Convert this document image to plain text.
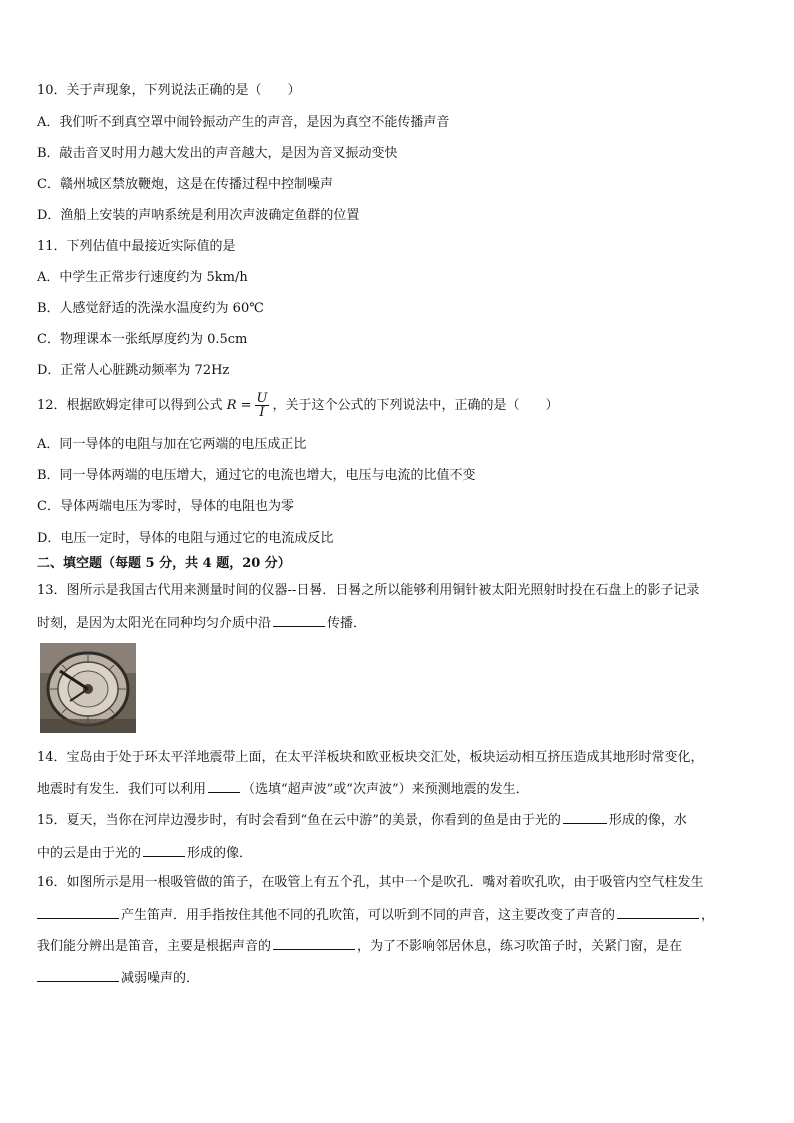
10．关于声现象，下列说法正确的是（　　）
A．我们听不到真空罩中闹铃振动产生的声音，是因为真空不能传播声音
B．敲击音叉时用力越大发出的声音越大，是因为音叉振动变快
C．赣州城区禁放鞭炮，这是在传播过程中控制噪声
D．渔船上安装的声呐系统是利用次声波确定鱼群的位置
11．下列估值中最接近实际值的是
A．中学生正常步行速度约为 5km/h
B．人感觉舒适的洗澡水温度约为 60℃
C．物理课本一张纸厚度约为 0.5cm
D．正常人心脏跳动频率为 72Hz
12．根据欧姆定律可以得到公式 $R = \frac{U}{I}$ ，关于这个公式的下列说法中，正确的是（　　）
A．同一导体的电阻与加在它两端的电压成正比
B．同一导体两端的电压增大，通过它的电流也增大，电压与电流的比值不变
C．导体两端电压为零时，导体的电阻也为零
D．电压一定时，导体的电阻与通过它的电流成反比
二、填空题（每题 5 分，共 4 题，20 分）
13．图所示是我国古代用来测量时间的仪器--日晷．日晷之所以能够利用铜针被太阳光照射时投在石盘上的影子记录
时刻，是因为太阳光在同种均匀介质中沿	传播．
14．宝岛由于处于环太平洋地震带上面，在太平洋板块和欧亚板块交汇处，板块运动相互挤压造成其地形时常变化，
地震时有发生．我们可以利用	（选填“超声波”或“次声波”）来预测地震的发生．
15．夏天，当你在河岸边漫步时，有时会看到“鱼在云中游”的美景，你看到的鱼是由于光的	形成的像，水
中的云是由于光的	形成的像．
16．如图所示是用一根吸管做的笛子，在吸管上有五个孔，其中一个是吹孔．嘴对着吹孔吹，由于吸管内空气柱发生
产生笛声．用手指按住其他不同的孔吹笛，可以听到不同的声音，这主要改变了声音的	，
我们能分辨出是笛音，主要是根据声音的	，为了不影响邻居休息，练习吹笛子时，关紧门窗，是在
减弱噪声的．
